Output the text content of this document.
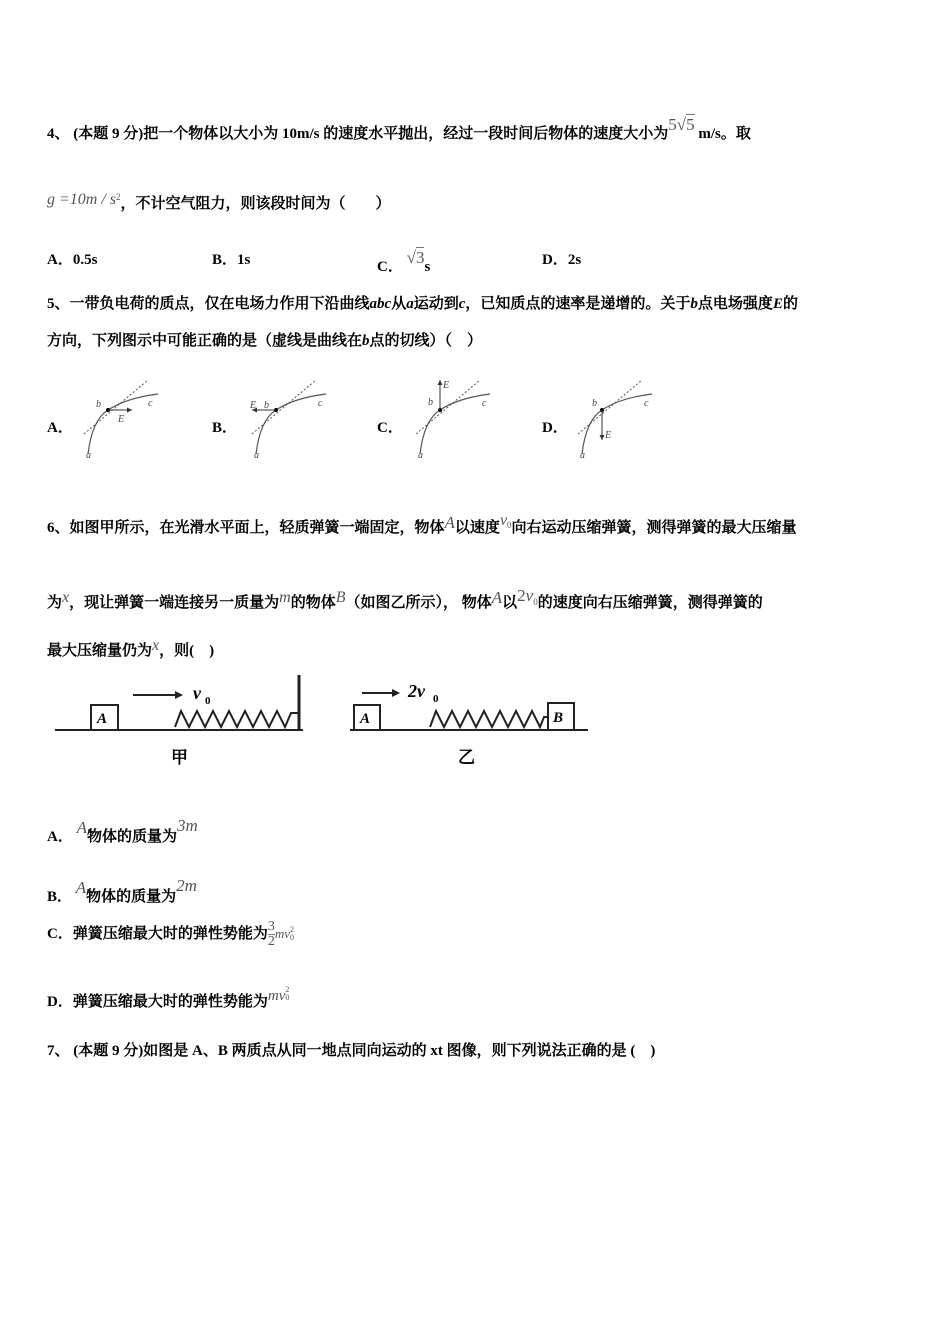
4、 (本题 9 分)把一个物体以大小为 10m/s 的速度水平抛出，经过一段时间后物体的速度大小为5√5 m/s。取
$g =10m / s^2$，不计空气阻力，则该段时间为（　　）
A．0.5s	B．1s	C． √3s	D．2s
5、一带负电荷的质点，仅在电场力作用下沿曲线abc从a运动到c，已知质点的速率是递增的。关于b点电场强度E的
方向，下列图示中可能正确的是（虚线是曲线在b点的切线）（　）
A．	B．	C．	D．
b	c
E
a
E b	c
a
E
b	c
a
E
b	c
a
6、如图甲所示，在光滑水平面上，轻质弹簧一端固定，物体A以速度$v^0$向右运动压缩弹簧，测得弹簧的最大压缩量
为x，现让弹簧一端连接另一质量为m的物体B（如图乙所示）， 物体A以2v0的速度向右压缩弹簧，测得弹簧的
最大压缩量仍为x，则(　)
A
v 0
甲
A	B
2v 0
乙
A． A物体的质量为3m
B． A物体的质量为2m
C．弹簧压缩最大时的弹性势能为 $\frac{3}{2}$ mv 2
0
D．弹簧压缩最大时的弹性势能为mv 2
0
7、 (本题 9 分)如图是 A、B 两质点从同一地点同向运动的 xt 图像，则下列说法正确的是 (　)
